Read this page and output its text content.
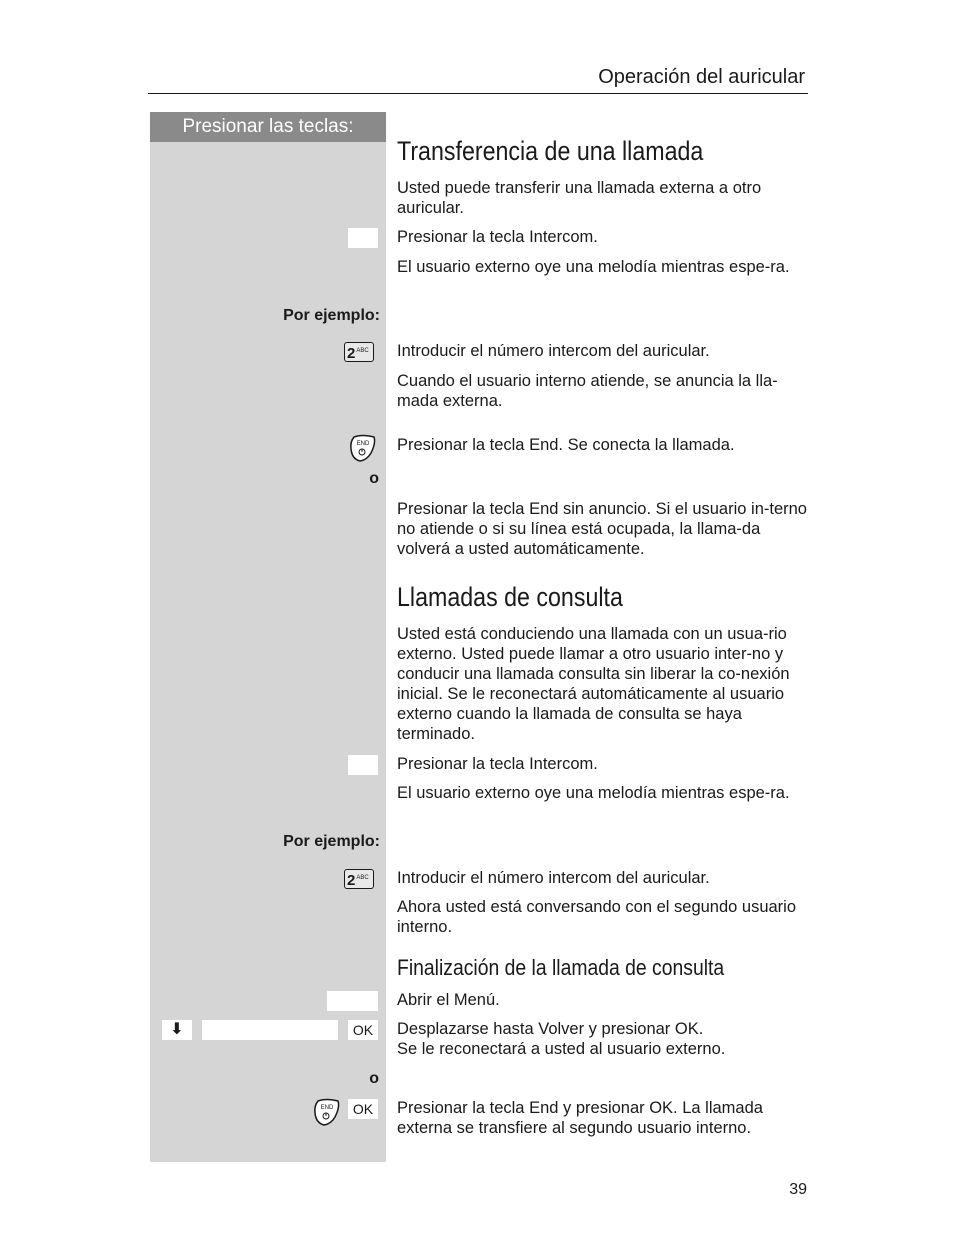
Operación del auricular
Presionar las teclas:
Transferencia de una llamada
Usted puede transferir una llamada externa a otro auricular.
Presionar la tecla Intercom.
El usuario externo oye una melodía mientras espe-ra.
Por ejemplo:
$2^{ABC}$	Introducir el número intercom del auricular.
Cuando el usuario interno atiende, se anuncia la lla-mada externa.
END Presionar la tecla End. Se conecta la llamada.
o
Presionar la tecla End sin anuncio. Si el usuario in-terno no atiende o si su línea está ocupada, la llama-da volverá a usted automáticamente.
Llamadas de consulta
Usted está conduciendo una llamada con un usua-rio externo. Usted puede llamar a otro usuario inter-no y conducir una llamada consulta sin liberar la co-nexión inicial. Se le reconectará automáticamente al usuario externo cuando la llamada de consulta se haya terminado.
Presionar la tecla Intercom.
El usuario externo oye una melodía mientras espe-ra.
Por ejemplo:
$2^{ABC}$	Introducir el número intercom del auricular.
Ahora usted está conversando con el segundo usuario interno.
Finalización de la llamada de consulta
Abrir el Menú.
⬇	OK Desplazarse hasta Volver y presionar OK.
Se le reconectará a usted al usuario externo.
o
END	OK Presionar la tecla End y presionar OK. La llamada externa se transfiere al segundo usuario interno.
39
